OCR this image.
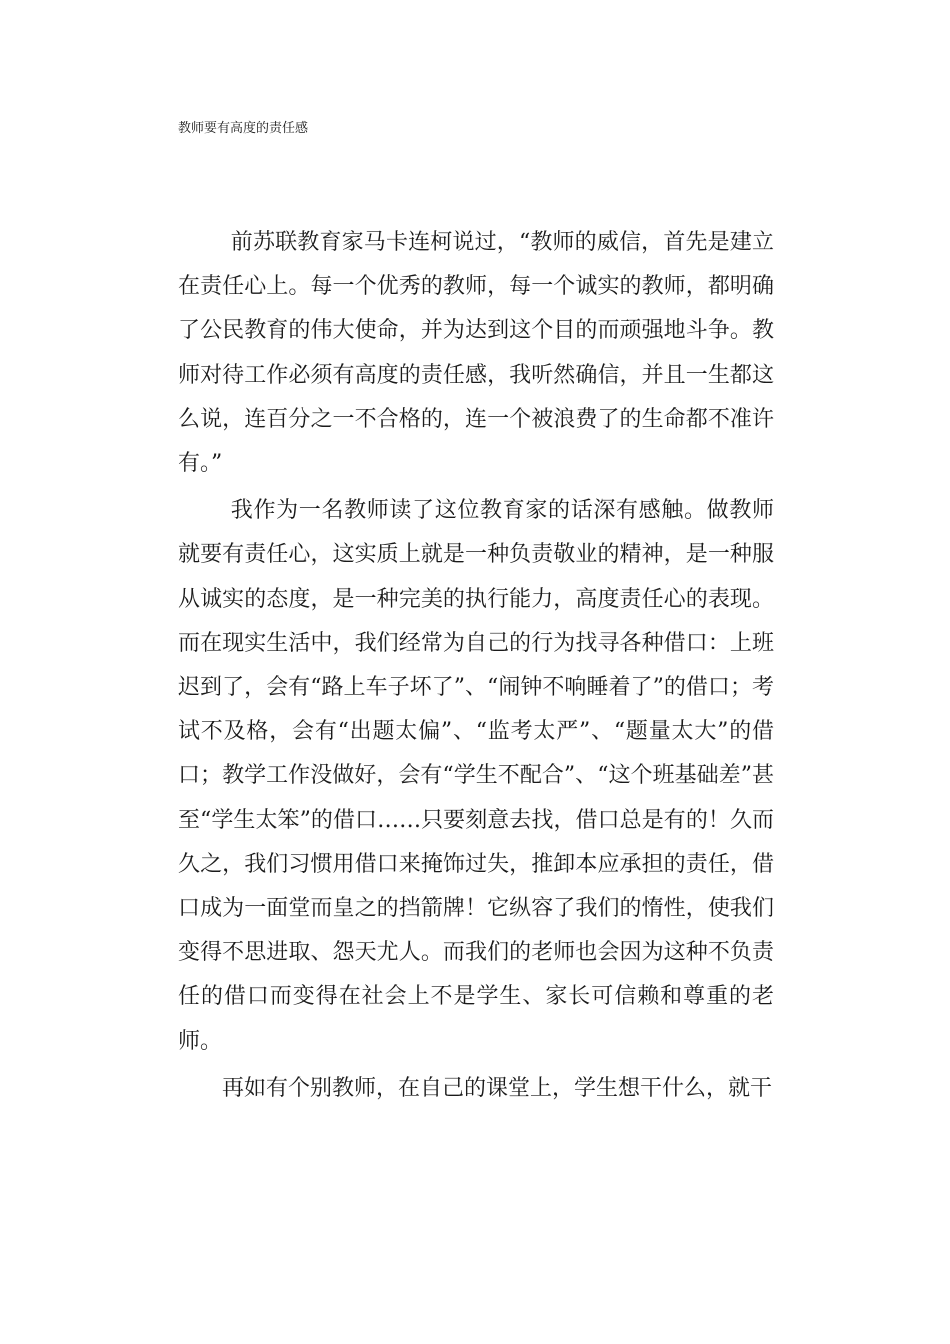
教师要有高度的责任感

前苏联教育家马卡连柯说过，“教师的威信，首先是建立在责任心上。每一个优秀的教师，每一个诚实的教师，都明确了公民教育的伟大使命，并为达到这个目的而顽强地斗争。教师对待工作必须有高度的责任感，我听然确信，并且一生都这么说，连百分之一不合格的，连一个被浪费了的生命都不准许有。”

我作为一名教师读了这位教育家的话深有感触。做教师就要有责任心，这实质上就是一种负责敬业的精神，是一种服从诚实的态度，是一种完美的执行能力，高度责任心的表现。而在现实生活中，我们经常为自己的行为找寻各种借口：上班迟到了，会有“路上车子坏了”、“闹钟不响睡着了”的借口；考试不及格，会有“出题太偏”、“监考太严”、“题量太大”的借口；教学工作没做好，会有“学生不配合”、“这个班基础差”甚至“学生太笨”的借口……只要刻意去找，借口总是有的！久而久之，我们习惯用借口来掩饰过失，推卸本应承担的责任，借口成为一面堂而皇之的挡箭牌！它纵容了我们的惰性，使我们变得不思进取、怨天尤人。而我们的老师也会因为这种不负责任的借口而变得在社会上不是学生、家长可信赖和尊重的老师。

再如有个别教师，在自己的课堂上，学生想干什么，就干
